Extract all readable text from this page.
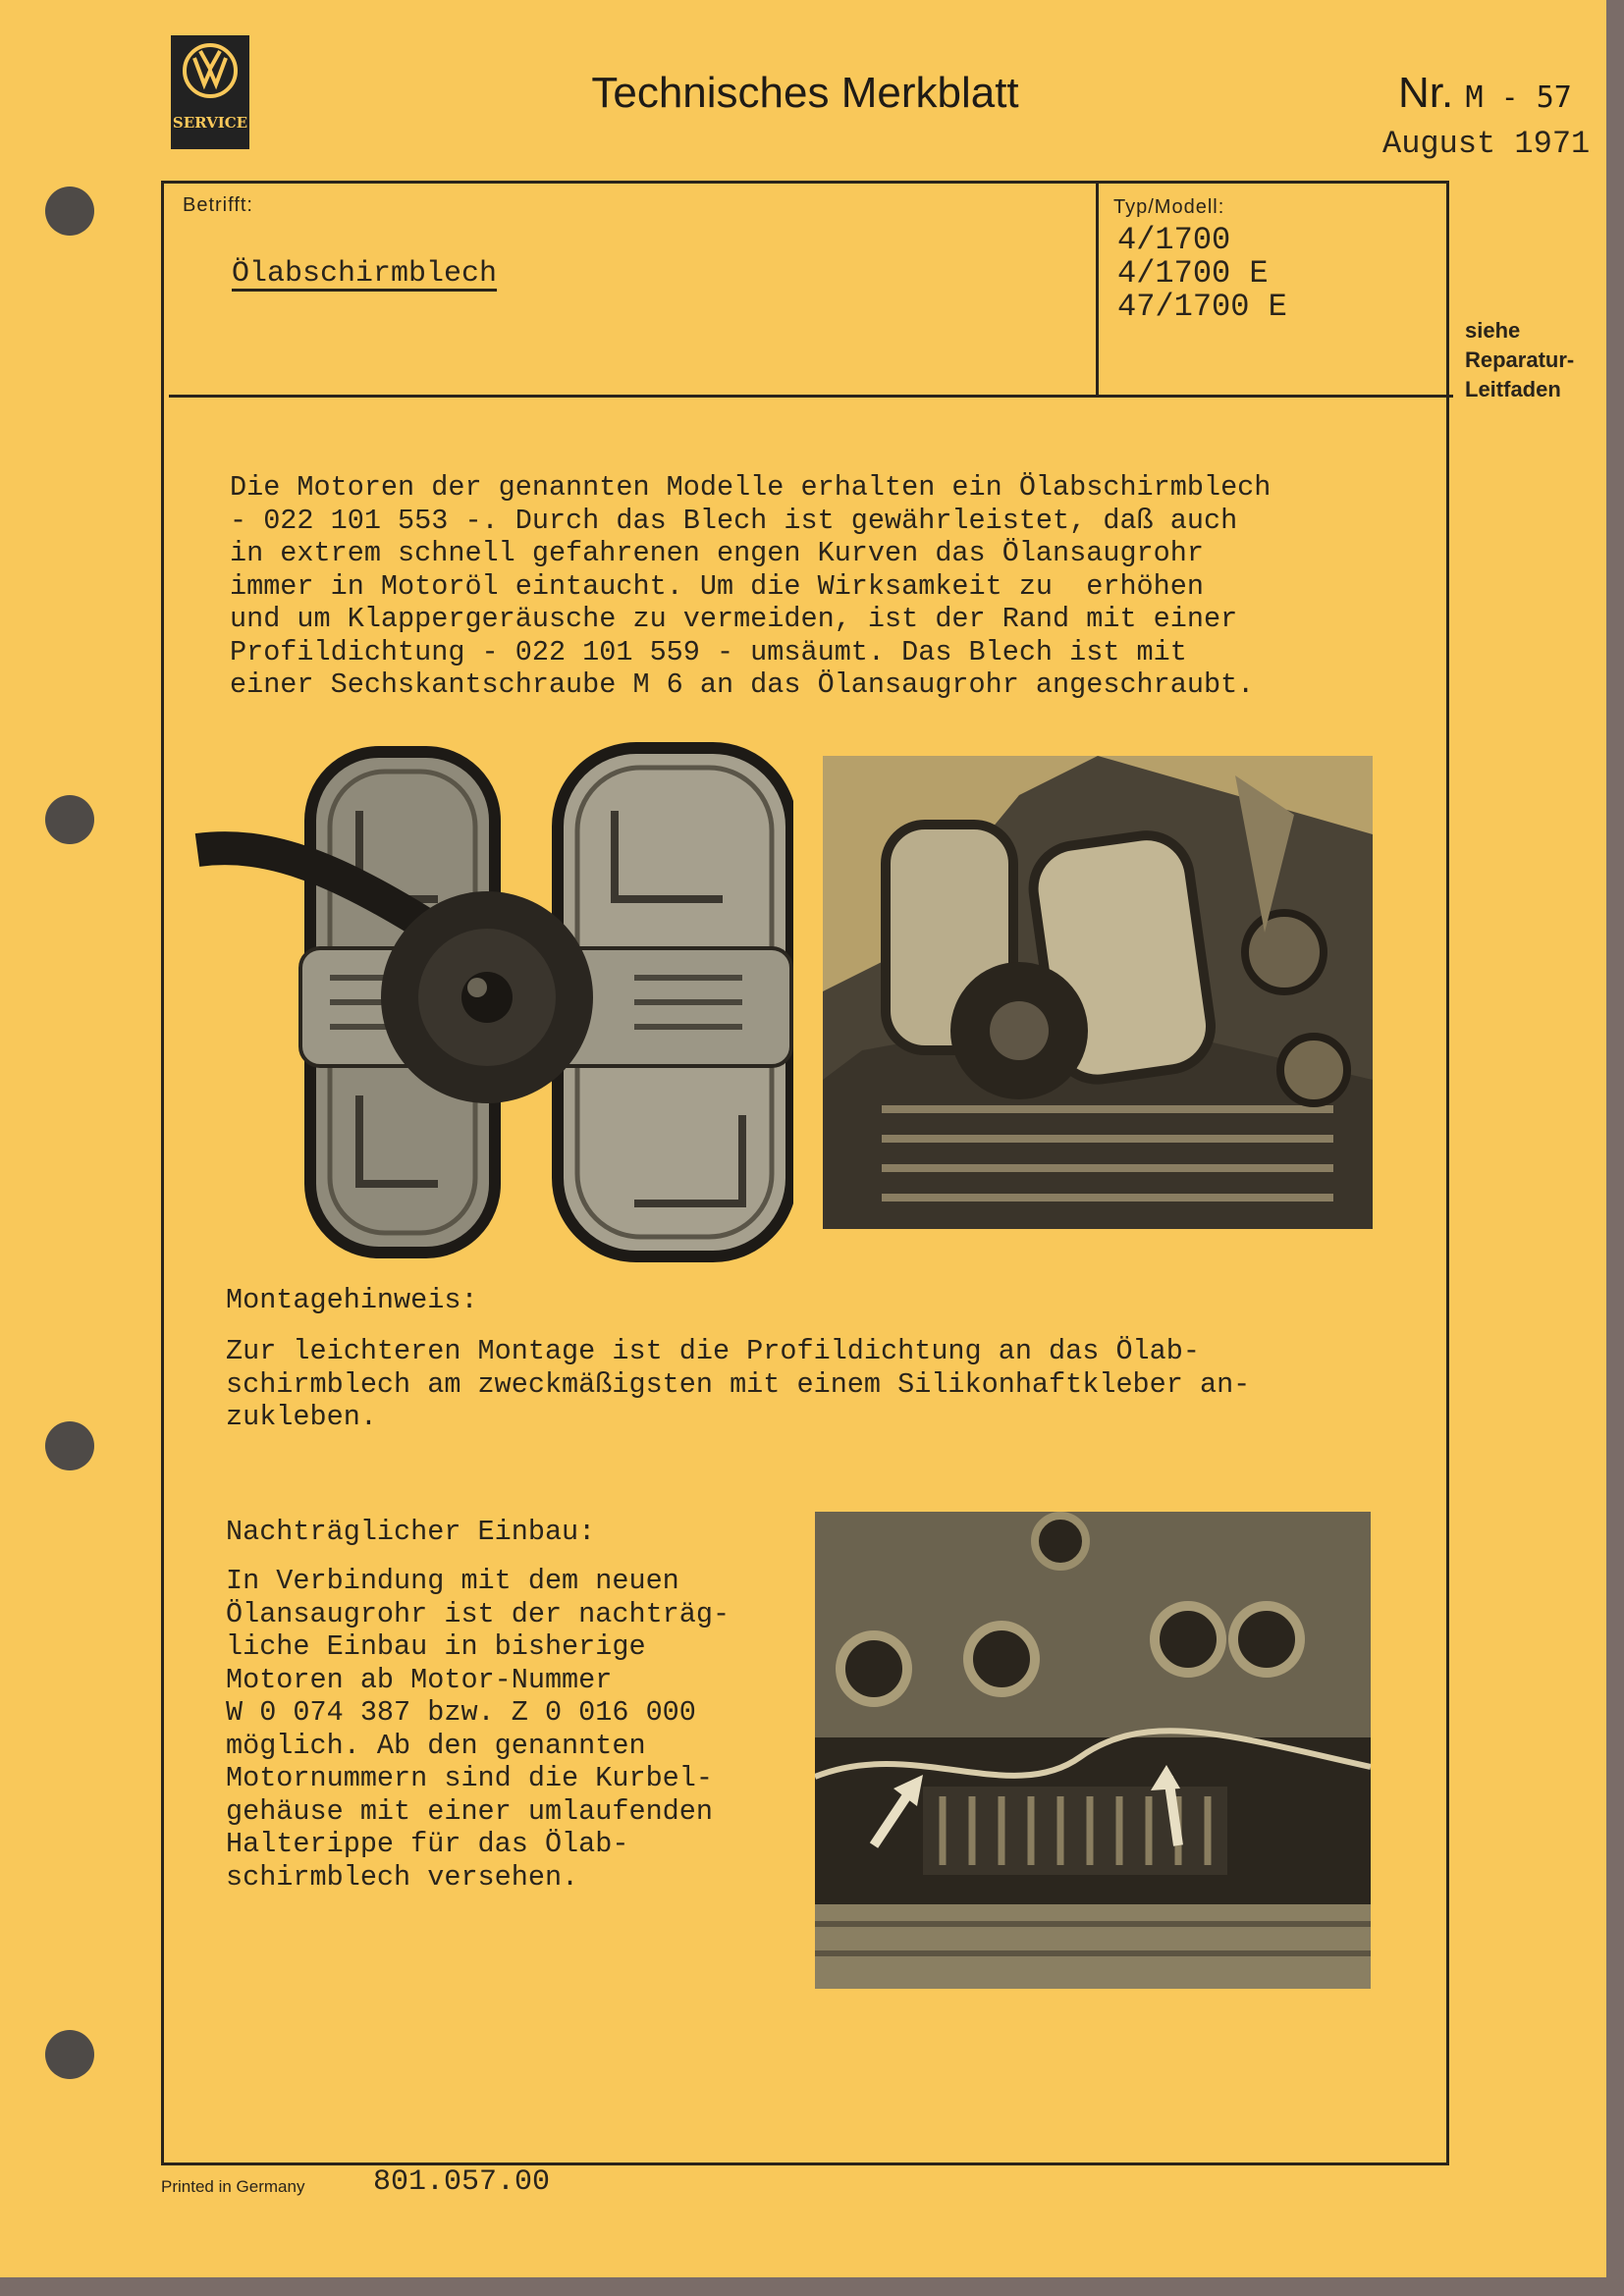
SERVICE
Technisches Merkblatt	Nr. M - 57
August 1971
Betrifft:
Ölabschirmblech
Typ/Modell:
4/1700
4/1700 E
47/1700 E
siehe
Reparatur-
Leitfaden
Die Motoren der genannten Modelle erhalten ein Ölabschirmblech
- 022 101 553 -. Durch das Blech ist gewährleistet, daß auch
in extrem schnell gefahrenen engen Kurven das Ölansaugrohr
immer in Motoröl eintaucht. Um die Wirksamkeit zu  erhöhen
und um Klappergeräusche zu vermeiden, ist der Rand mit einer
Profildichtung - 022 101 559 - umsäumt. Das Blech ist mit
einer Sechskantschraube M 6 an das Ölansaugrohr angeschraubt.
Montagehinweis:
Zur leichteren Montage ist die Profildichtung an das Ölab-
schirmblech am zweckmäßigsten mit einem Silikonhaftkleber an-
zukleben.
Nachträglicher Einbau:
In Verbindung mit dem neuen
Ölansaugrohr ist der nachträg-
liche Einbau in bisherige
Motoren ab Motor-Nummer
W 0 074 387 bzw. Z 0 016 000
möglich. Ab den genannten
Motornummern sind die Kurbel-
gehäuse mit einer umlaufenden
Halterippe für das Ölab-
schirmblech versehen.
Printed in Germany 801.057.00
